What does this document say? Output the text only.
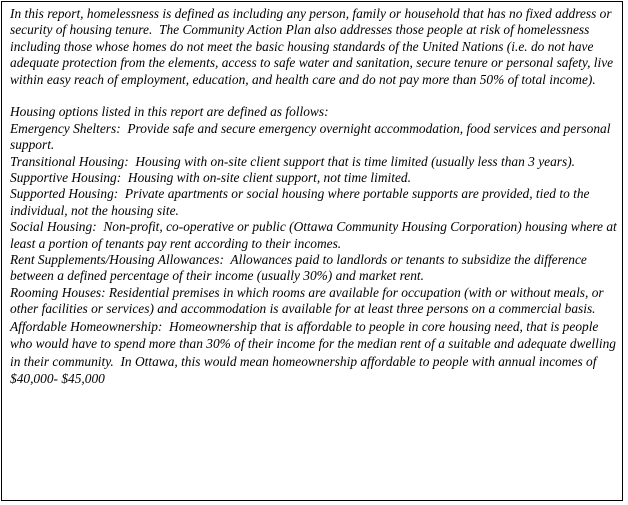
In this report, homelessness is defined as including any person, family or household that has no fixed address or security of housing tenure.  The Community Action Plan also addresses those people at risk of homelessness including those whose homes do not meet the basic housing standards of the United Nations (i.e. do not have adequate protection from the elements, access to safe water and sanitation, secure tenure or personal safety, live within easy reach of employment, education, and health care and do not pay more than 50% of total income).

Housing options listed in this report are defined as follows:

Emergency Shelters:  Provide safe and secure emergency overnight accommodation, food services and personal support.

Transitional Housing:  Housing with on-site client support that is time limited (usually less than 3 years).

Supportive Housing:  Housing with on-site client support, not time limited.

Supported Housing:  Private apartments or social housing where portable supports are provided, tied to the individual, not the housing site.

Social Housing:  Non-profit, co-operative or public (Ottawa Community Housing Corporation) housing where at least a portion of tenants pay rent according to their incomes.

Rent Supplements/Housing Allowances:  Allowances paid to landlords or tenants to subsidize the difference between a defined percentage of their income (usually 30%) and market rent.

Rooming Houses: Residential premises in which rooms are available for occupation (with or without meals, or other facilities or services) and accommodation is available for at least three persons on a commercial basis.

Affordable Homeownership:  Homeownership that is affordable to people in core housing need, that is people who would have to spend more than 30% of their income for the median rent of a suitable and adequate dwelling in their community.  In Ottawa, this would mean homeownership affordable to people with annual incomes of $40,000- $45,000
